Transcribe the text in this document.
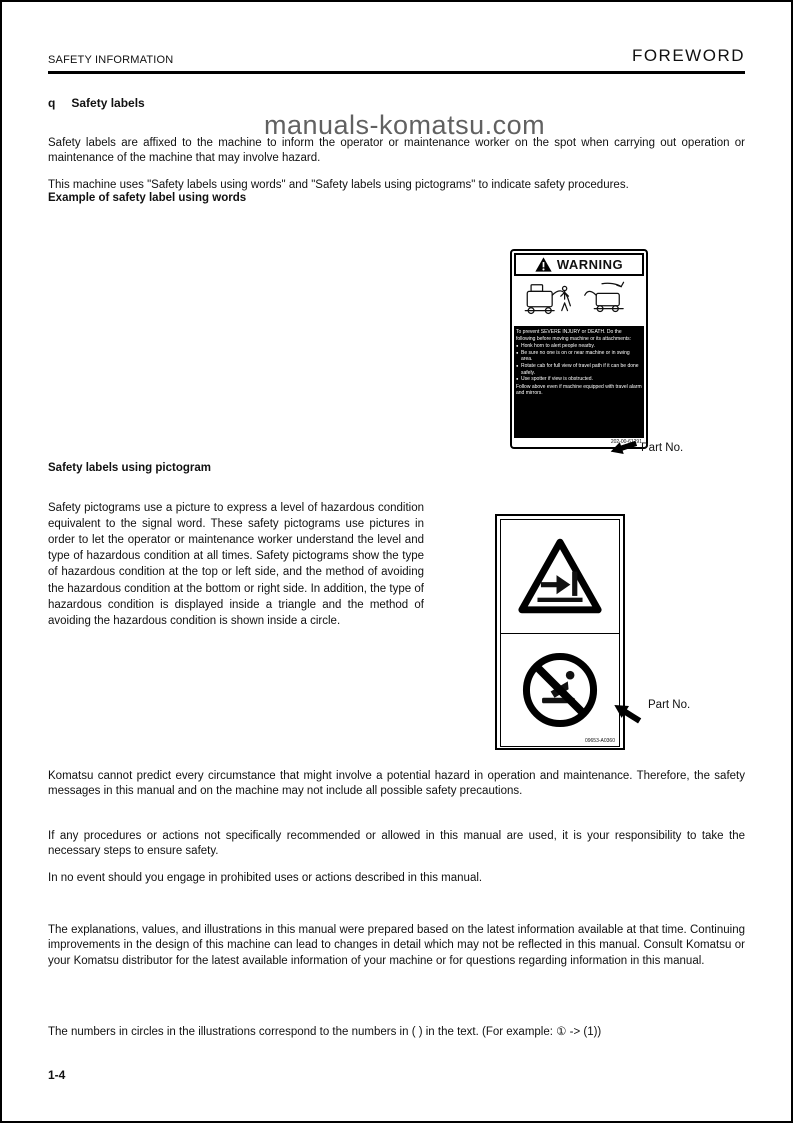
SAFETY INFORMATION	FOREWORD
manuals-komatsu.com
q Safety labels

Safety labels are affixed to the machine to inform the operator or maintenance worker on the spot when carrying out operation or maintenance of the machine that may involve hazard.

This machine uses "Safety labels using words" and "Safety labels using pictograms" to indicate safety procedures.

Example of safety label using words
WARNING
To prevent SEVERE INJURY or DEATH. Do the following before moving machine or its attachments:
● Honk horn to alert people nearby.
● Be sure no one is on or near machine or in swing area.
● Rotate cab for full view of travel path if it can be done safely.
● Use spotter if view is obstructed.
Follow above even if machine equipped with travel alarm and mirrors.
202-00-61291 Part No.
Safety labels using pictogram

Safety pictograms use a picture to express a level of hazardous condition equivalent to the signal word. These safety pictograms use pictures in order to let the operator or maintenance worker understand the level and type of hazardous condition at all times. Safety pictograms show the type of hazardous condition at the top or left side, and the method of avoiding the hazardous condition at the bottom or right side. In addition, the type of hazardous condition is displayed inside a triangle and the method of avoiding the hazardous condition is shown inside a circle.

09653-A0360
Part No.

Komatsu cannot predict every circumstance that might involve a potential hazard in operation and maintenance. Therefore, the safety messages in this manual and on the machine may not include all possible safety precautions.

If any procedures or actions not specifically recommended or allowed in this manual are used, it is your responsibility to take the necessary steps to ensure safety.

In no event should you engage in prohibited uses or actions described in this manual.

The explanations, values, and illustrations in this manual were prepared based on the latest information available at that time. Continuing improvements in the design of this machine can lead to changes in detail which may not be reflected in this manual. Consult Komatsu or your Komatsu distributor for the latest available information of your machine or for questions regarding information in this manual.

The numbers in circles in the illustrations correspond to the numbers in ( ) in the text. (For example: ① -> (1))

1-4
